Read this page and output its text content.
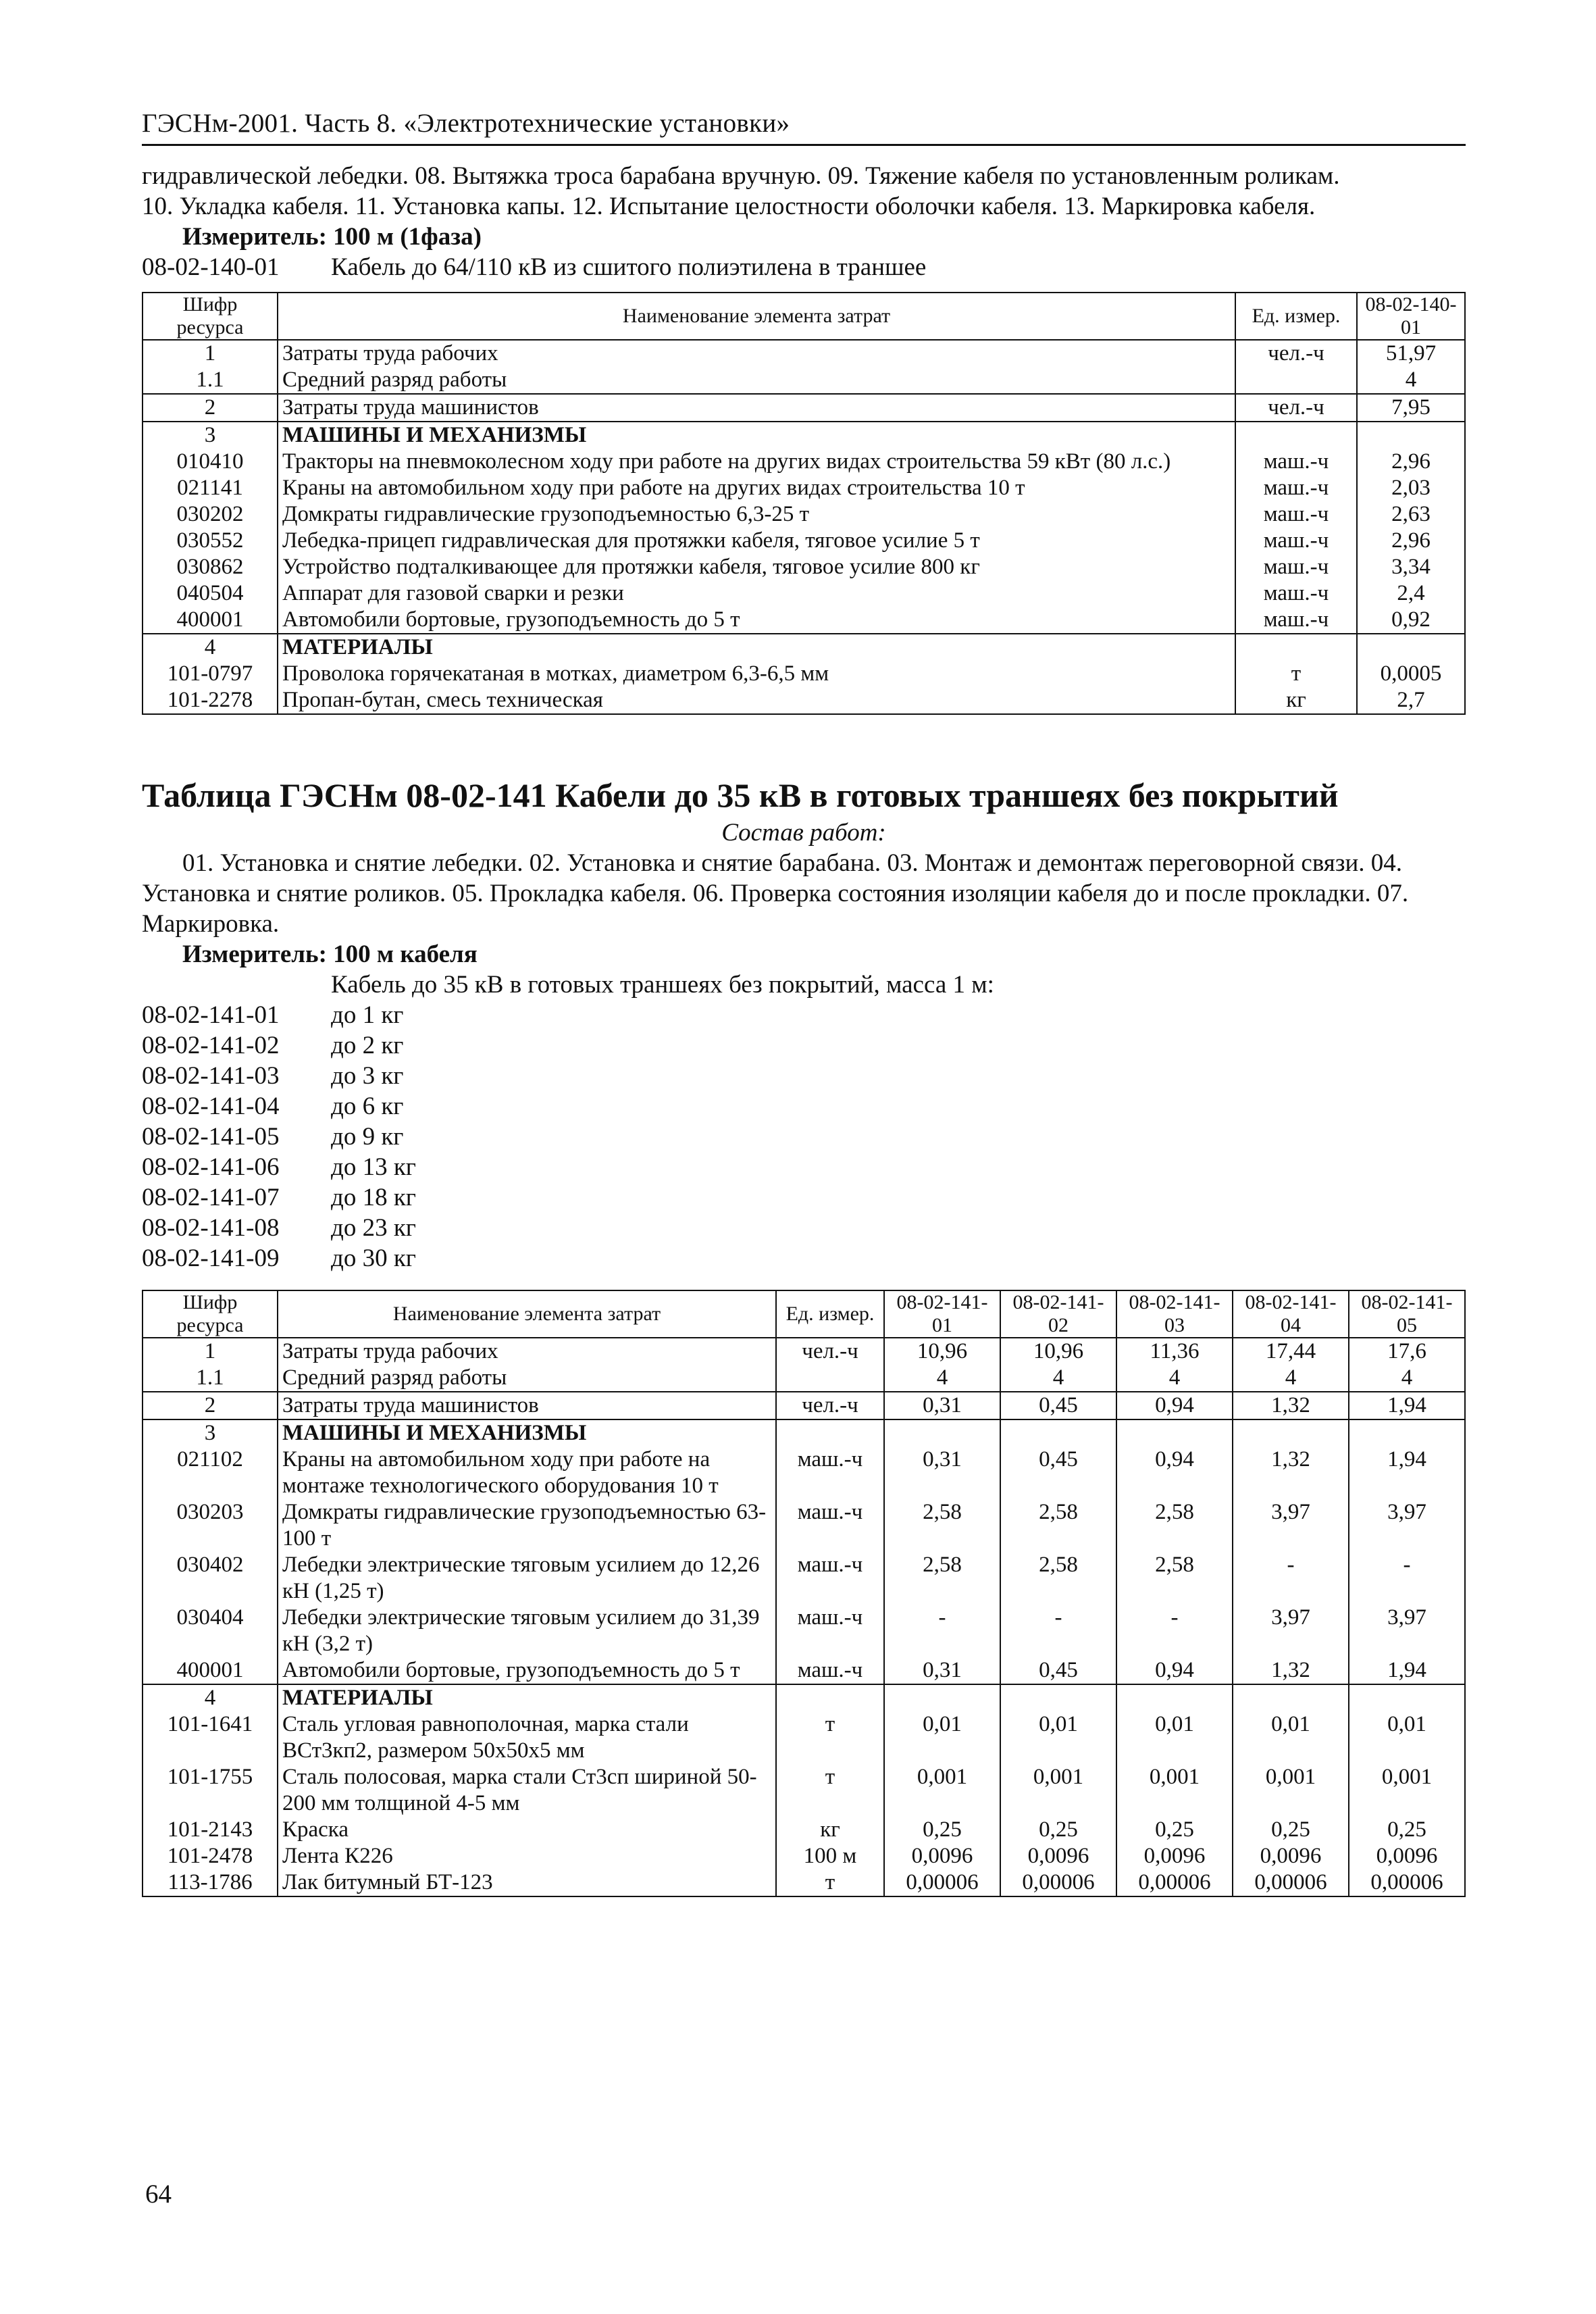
ГЭСНм-2001. Часть 8. «Электротехнические установки»

гидравлической лебедки. 08. Вытяжка троса барабана вручную. 09. Тяжение кабеля по установленным роликам.

10. Укладка кабеля. 11. Установка капы. 12. Испытание целостности оболочки кабеля. 13. Маркировка кабеля.

Измеритель: 100 м (1фаза)
08-02-140-01	Кабель до 64/110 кВ из сшитого полиэтилена в траншее
Шифр ресурса	Наименование элемента затрат	Ед. измер.	08-02-140-01
1	Затраты труда рабочих	чел.-ч	51,97
1.1	Средний разряд работы		4
2	Затраты труда машинистов	чел.-ч	7,95
3	МАШИНЫ И МЕХАНИЗМЫ		
010410	Тракторы на пневмоколесном ходу при работе на других видах строительства 59 кВт (80 л.с.)	маш.-ч	2,96
021141	Краны на автомобильном ходу при работе на других видах строительства 10 т	маш.-ч	2,03
030202	Домкраты гидравлические грузоподъемностью 6,3-25 т	маш.-ч	2,63
030552	Лебедка-прицеп гидравлическая для протяжки кабеля, тяговое усилие 5 т	маш.-ч	2,96
030862	Устройство подталкивающее для протяжки кабеля, тяговое усилие 800 кг	маш.-ч	3,34
040504	Аппарат для газовой сварки и резки	маш.-ч	2,4
400001	Автомобили бортовые, грузоподъемность до 5 т	маш.-ч	0,92
4	МАТЕРИАЛЫ		
101-0797	Проволока горячекатаная в мотках, диаметром 6,3-6,5 мм	т	0,0005
101-2278	Пропан-бутан, смесь техническая	кг	2,7
Таблица ГЭСНм 08-02-141 Кабели до 35 кВ в готовых траншеях без покрытий
Состав работ:

01. Установка и снятие лебедки. 02. Установка и снятие барабана. 03. Монтаж и демонтаж переговорной связи. 04. Установка и снятие роликов. 05. Прокладка кабеля. 06. Проверка состояния изоляции кабеля до и после прокладки. 07. Маркировка.

Измеритель: 100 м кабеля
Кабель до 35 кВ в готовых траншеях без покрытий, масса 1 м:
08-02-141-01	до 1 кг
08-02-141-02	до 2 кг
08-02-141-03	до 3 кг
08-02-141-04	до 6 кг
08-02-141-05	до 9 кг
08-02-141-06	до 13 кг
08-02-141-07	до 18 кг
08-02-141-08	до 23 кг
08-02-141-09	до 30 кг
Шифр ресурса	Наименование элемента затрат	Ед. измер.	08-02-141-01	08-02-141-02	08-02-141-03	08-02-141-04	08-02-141-05
1	Затраты труда рабочих	чел.-ч	10,96	10,96	11,36	17,44	17,6
1.1	Средний разряд работы		4	4	4	4	4
2	Затраты труда машинистов	чел.-ч	0,31	0,45	0,94	1,32	1,94
3	МАШИНЫ И МЕХАНИЗМЫ						
021102	Краны на автомобильном ходу при работе на монтаже технологического оборудования 10 т	маш.-ч	0,31	0,45	0,94	1,32	1,94
030203	Домкраты гидравлические грузоподъемностью 63-100 т	маш.-ч	2,58	2,58	2,58	3,97	3,97
030402	Лебедки электрические тяговым усилием до 12,26 кН (1,25 т)	маш.-ч	2,58	2,58	2,58	-	-
030404	Лебедки электрические тяговым усилием до 31,39 кН (3,2 т)	маш.-ч	-	-	-	3,97	3,97
400001	Автомобили бортовые, грузоподъемность до 5 т	маш.-ч	0,31	0,45	0,94	1,32	1,94
4	МАТЕРИАЛЫ						
101-1641	Сталь угловая равнополочная, марка стали ВСт3кп2, размером 50х50х5 мм	т	0,01	0,01	0,01	0,01	0,01
101-1755	Сталь полосовая, марка стали Ст3сп шириной 50-200 мм толщиной 4-5 мм	т	0,001	0,001	0,001	0,001	0,001
101-2143	Краска	кг	0,25	0,25	0,25	0,25	0,25
101-2478	Лента К226	100 м	0,0096	0,0096	0,0096	0,0096	0,0096
113-1786	Лак битумный БТ-123	т	0,00006	0,00006	0,00006	0,00006	0,00006
64
